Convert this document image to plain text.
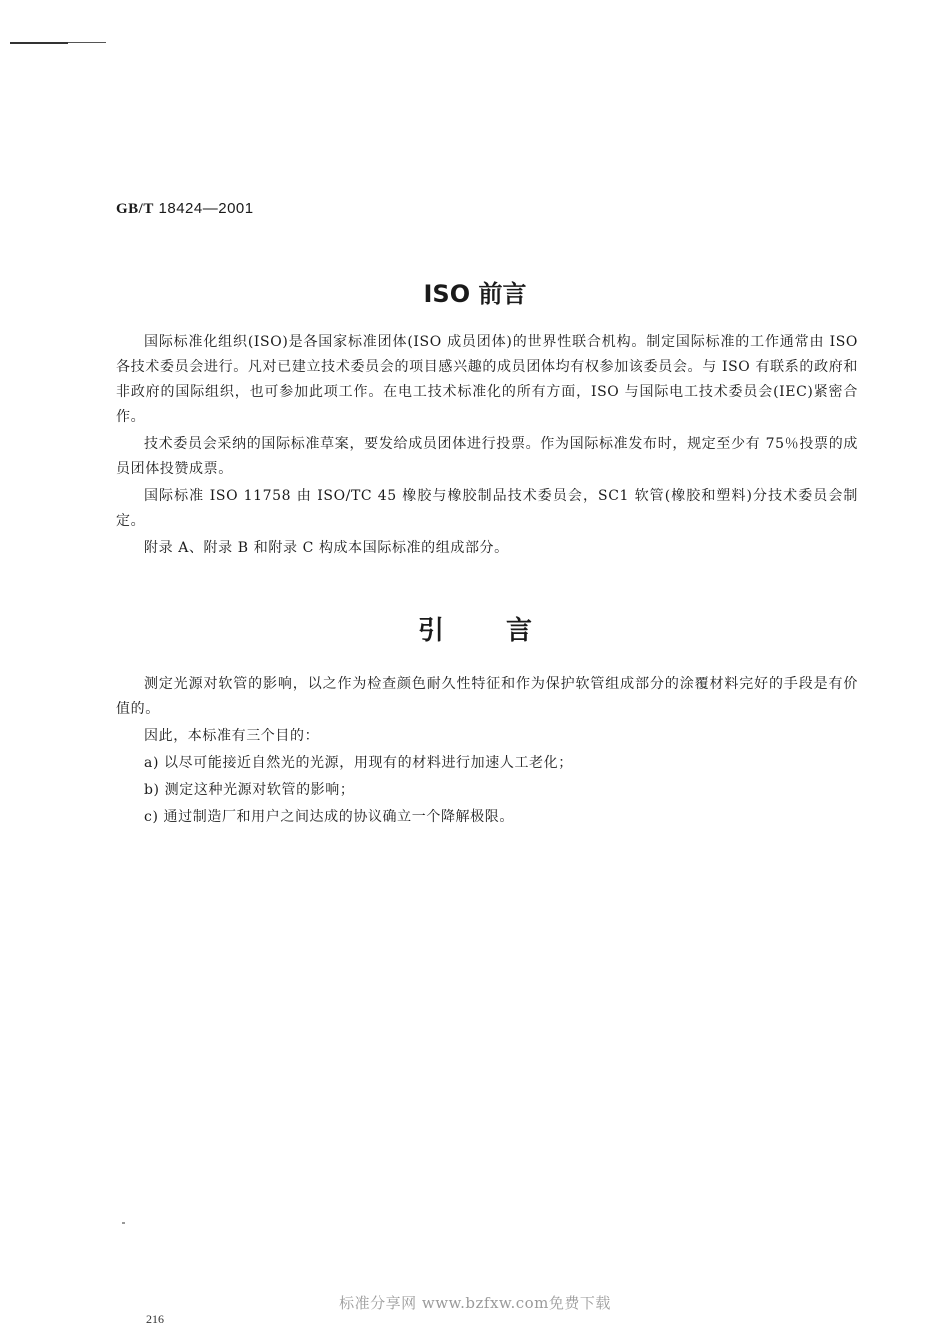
GB/T 18424—2001
ISO 前言

国际标准化组织(ISO)是各国家标准团体(ISO 成员团体)的世界性联合机构。制定国际标准的工作通常由 ISO 各技术委员会进行。凡对已建立技术委员会的项目感兴趣的成员团体均有权参加该委员会。与 ISO 有联系的政府和非政府的国际组织，也可参加此项工作。在电工技术标准化的所有方面，ISO 与国际电工技术委员会(IEC)紧密合作。

技术委员会采纳的国际标准草案，要发给成员团体进行投票。作为国际标准发布时，规定至少有 75％投票的成员团体投赞成票。

国际标准 ISO 11758 由 ISO/TC 45 橡胶与橡胶制品技术委员会，SC1 软管(橡胶和塑料)分技术委员会制定。

附录 A、附录 B 和附录 C 构成本国际标准的组成部分。

引言

测定光源对软管的影响，以之作为检查颜色耐久性特征和作为保护软管组成部分的涂覆材料完好的手段是有价值的。

因此，本标准有三个目的：

a) 以尽可能接近自然光的光源，用现有的材料进行加速人工老化；

b) 测定这种光源对软管的影响；

c) 通过制造厂和用户之间达成的协议确立一个降解极限。

标准分享网 www.bzfxw.com免费下载
216
